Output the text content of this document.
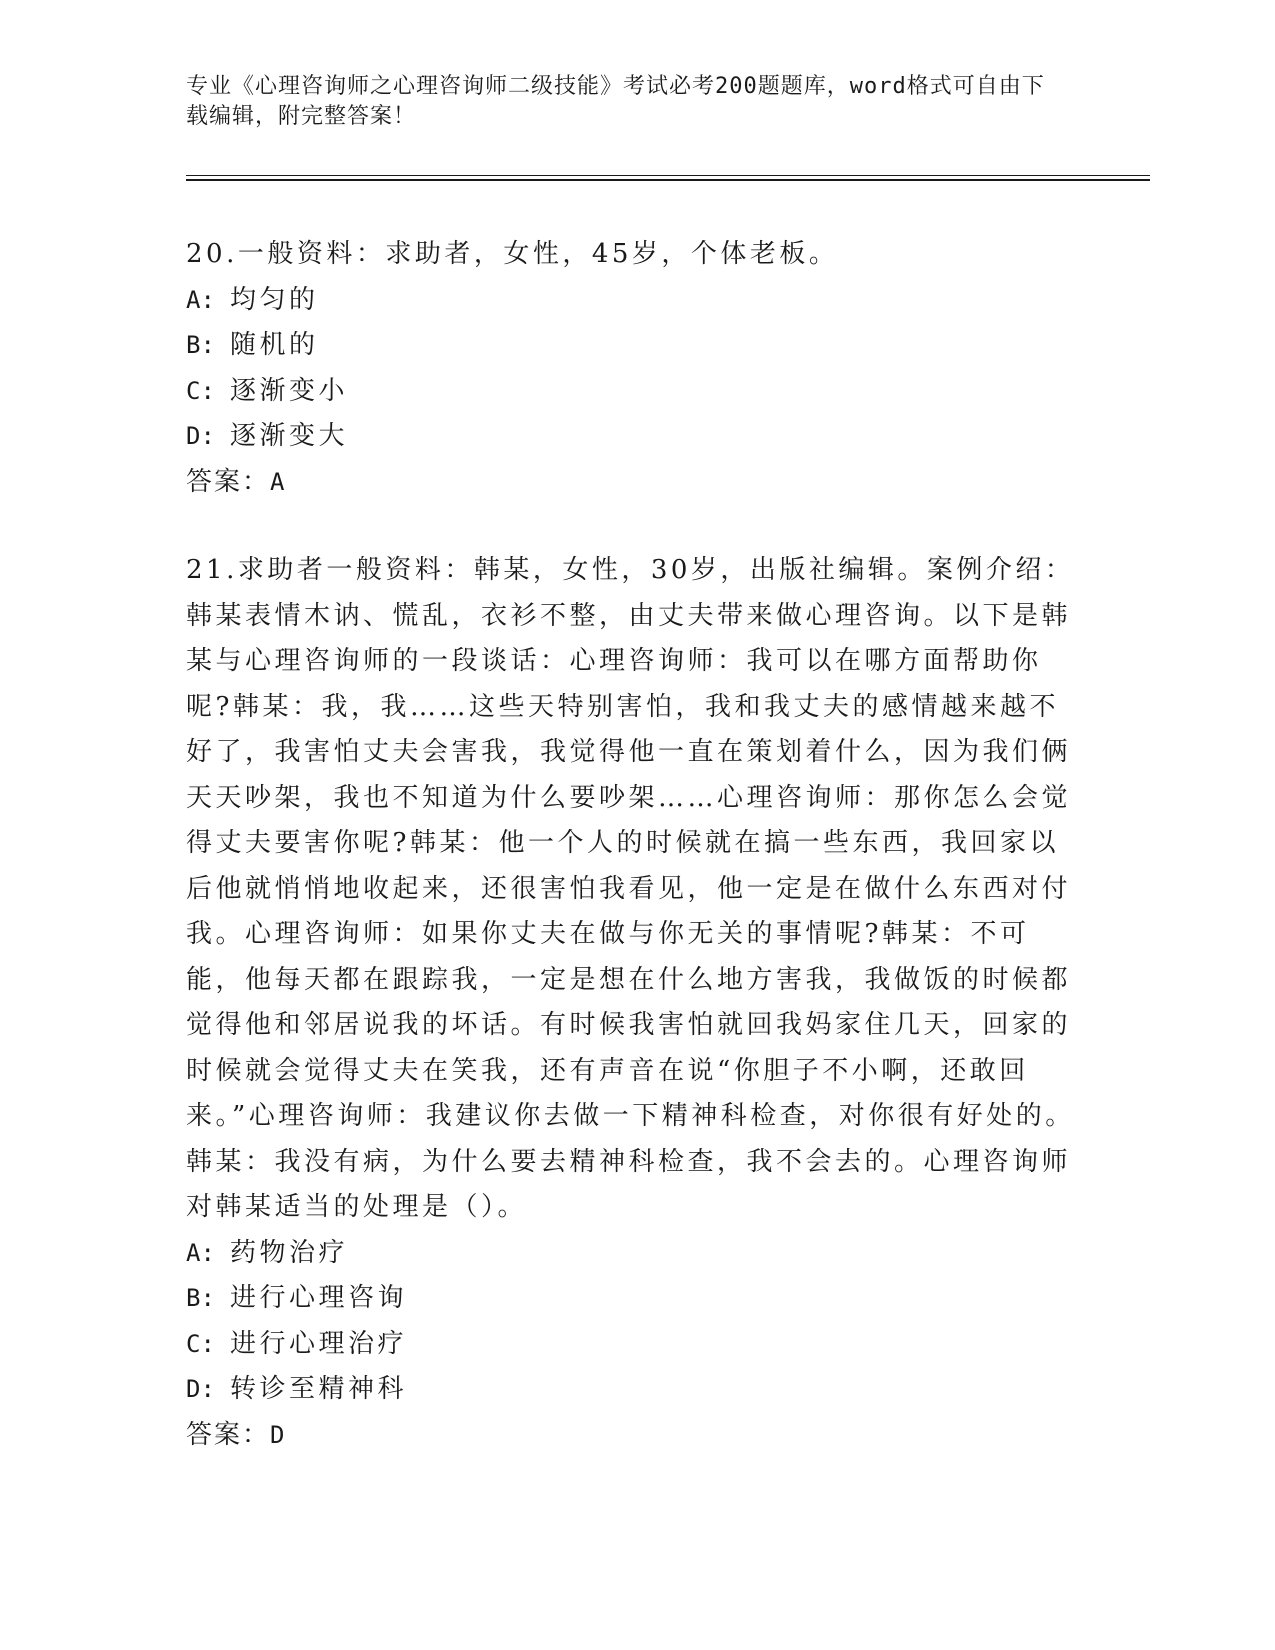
专业《心理咨询师之心理咨询师二级技能》考试必考200题题库，word格式可自由下载编辑，附完整答案！

20.一般资料：求助者，女性，45岁，个体老板。

A: 均匀的

B: 随机的

C: 逐渐变小

D: 逐渐变大

答案：A

21.求助者一般资料：韩某，女性，30岁，出版社编辑。案例介绍：韩某表情木讷、慌乱，衣衫不整，由丈夫带来做心理咨询。以下是韩某与心理咨询师的一段谈话：心理咨询师：我可以在哪方面帮助你呢?韩某：我，我……这些天特别害怕，我和我丈夫的感情越来越不好了，我害怕丈夫会害我，我觉得他一直在策划着什么，因为我们俩天天吵架，我也不知道为什么要吵架……心理咨询师：那你怎么会觉得丈夫要害你呢?韩某：他一个人的时候就在搞一些东西，我回家以后他就悄悄地收起来，还很害怕我看见，他一定是在做什么东西对付我。心理咨询师：如果你丈夫在做与你无关的事情呢?韩某：不可能，他每天都在跟踪我，一定是想在什么地方害我，我做饭的时候都觉得他和邻居说我的坏话。有时候我害怕就回我妈家住几天，回家的时候就会觉得丈夫在笑我，还有声音在说“你胆子不小啊，还敢回来。”心理咨询师：我建议你去做一下精神科检查，对你很有好处的。韩某：我没有病，为什么要去精神科检查，我不会去的。心理咨询师对韩某适当的处理是（）。

A: 药物治疗

B: 进行心理咨询

C: 进行心理治疗

D: 转诊至精神科

答案：D
